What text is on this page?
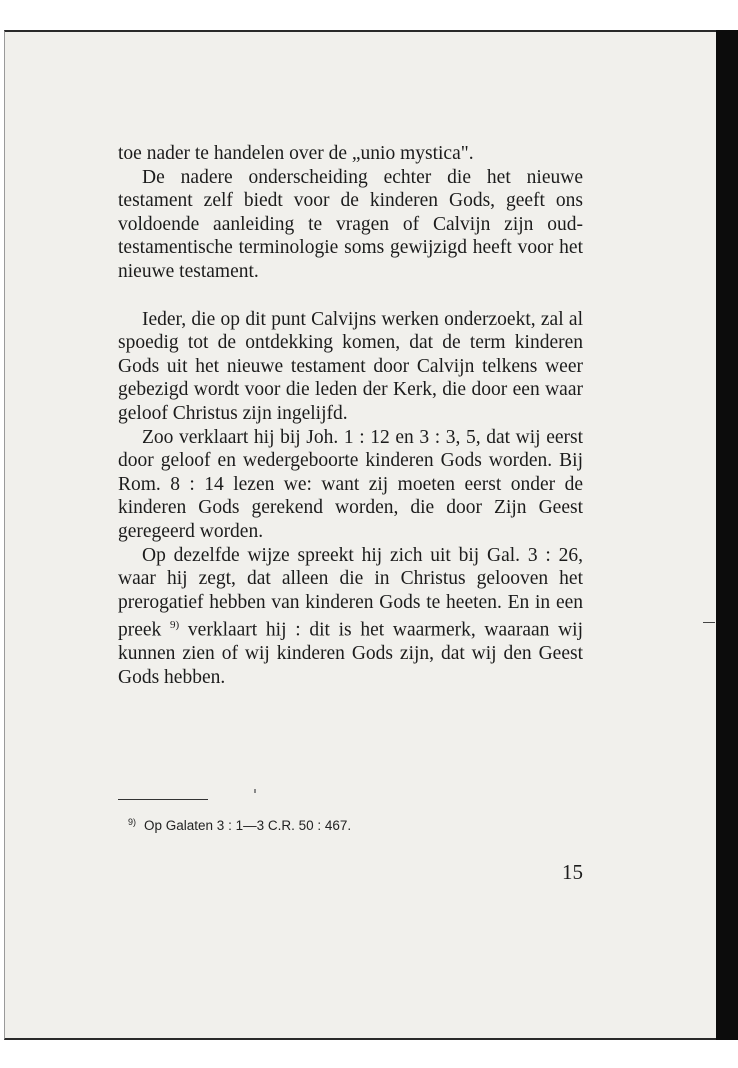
toe nader te handelen over de „unio mystica".

De nadere onderscheiding echter die het nieuwe testament zelf biedt voor de kinderen Gods, geeft ons voldoende aanleiding te vragen of Calvijn zijn oud-testamentische terminologie soms gewijzigd heeft voor het nieuwe testament.

Ieder, die op dit punt Calvijns werken onderzoekt, zal al spoedig tot de ontdekking komen, dat de term kinderen Gods uit het nieuwe testament door Calvijn telkens weer gebezigd wordt voor die leden der Kerk, die door een waar geloof Christus zijn ingelijfd.

Zoo verklaart hij bij Joh. 1 : 12 en 3 : 3, 5, dat wij eerst door geloof en wedergeboorte kinderen Gods worden. Bij Rom. 8 : 14 lezen we: want zij moeten eerst onder de kinderen Gods gerekend worden, die door Zijn Geest geregeerd worden.

Op dezelfde wijze spreekt hij zich uit bij Gal. 3 : 26, waar hij zegt, dat alleen die in Christus gelooven het prerogatief hebben van kinderen Gods te heeten. En in een preek $^{9)}$ verklaart hij : dit is het waarmerk, waaraan wij kunnen zien of wij kinderen Gods zijn, dat wij den Geest Gods hebben.

$^{9)}$ Op Galaten 3 : 1—3 C.R. 50 : 467.
15
